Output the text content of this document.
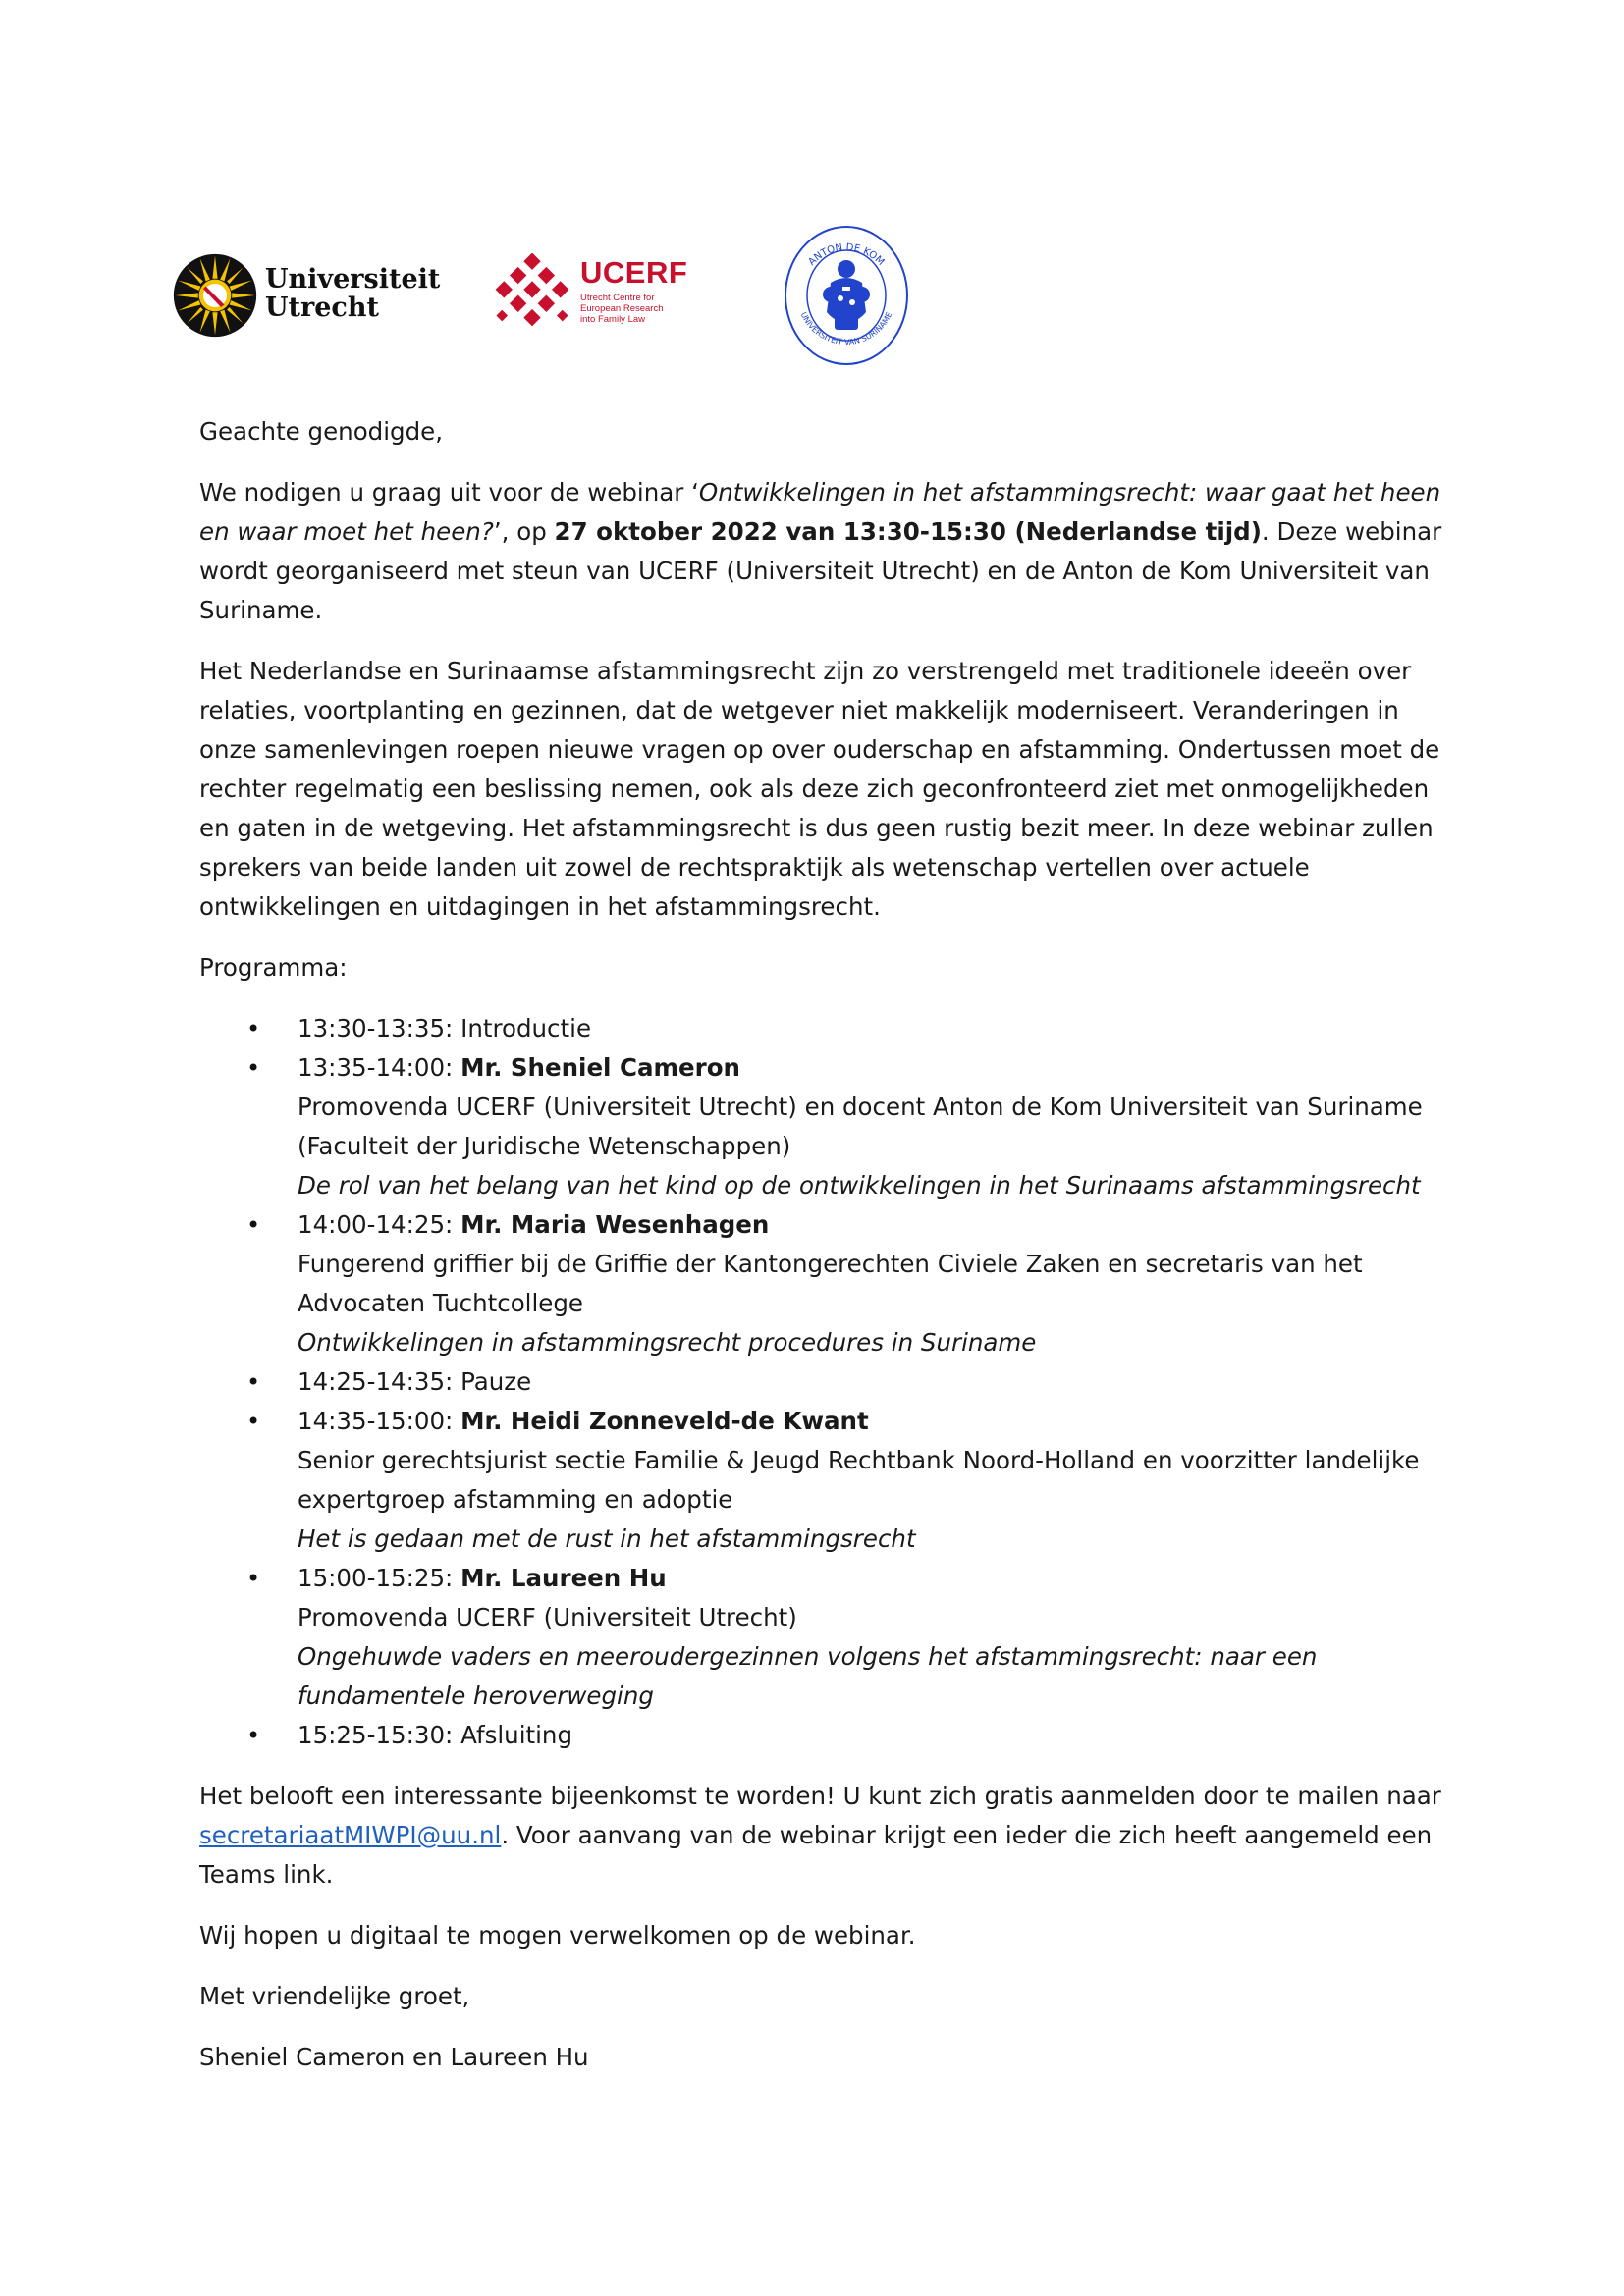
Universiteit
Utrecht
UCERF
Utrecht Centre for
European Research
into Family Law
ANTON DE KOM
UNIVERSITEIT VAN SURINAME

Geachte genodigde,

We nodigen u graag uit voor de webinar ‘Ontwikkelingen in het afstammingsrecht: waar gaat het heen en waar moet het heen?’, op 27 oktober 2022 van 13:30-15:30 (Nederlandse tijd). Deze webinar wordt georganiseerd met steun van UCERF (Universiteit Utrecht) en de Anton de Kom Universiteit van Suriname.

Het Nederlandse en Surinaamse afstammingsrecht zijn zo verstrengeld met traditionele ideeën over relaties, voortplanting en gezinnen, dat de wetgever niet makkelijk moderniseert. Veranderingen in onze samenlevingen roepen nieuwe vragen op over ouderschap en afstamming. Ondertussen moet de rechter regelmatig een beslissing nemen, ook als deze zich geconfronteerd ziet met onmogelijkheden en gaten in de wetgeving. Het afstammingsrecht is dus geen rustig bezit meer. In deze webinar zullen sprekers van beide landen uit zowel de rechtspraktijk als wetenschap vertellen over actuele ontwikkelingen en uitdagingen in het afstammingsrecht.

Programma:

• 13:30-13:35: Introductie
• 13:35-14:00: Mr. Sheniel Cameron
Promovenda UCERF (Universiteit Utrecht) en docent Anton de Kom Universiteit van Suriname (Faculteit der Juridische Wetenschappen)
De rol van het belang van het kind op de ontwikkelingen in het Surinaams afstammingsrecht
• 14:00-14:25: Mr. Maria Wesenhagen
Fungerend griffier bij de Griffie der Kantongerechten Civiele Zaken en secretaris van het Advocaten Tuchtcollege
Ontwikkelingen in afstammingsrecht procedures in Suriname
• 14:25-14:35: Pauze
• 14:35-15:00: Mr. Heidi Zonneveld-de Kwant
Senior gerechtsjurist sectie Familie & Jeugd Rechtbank Noord-Holland en voorzitter landelijke expertgroep afstamming en adoptie
Het is gedaan met de rust in het afstammingsrecht
• 15:00-15:25: Mr. Laureen Hu
Promovenda UCERF (Universiteit Utrecht)
Ongehuwde vaders en meeroudergezinnen volgens het afstammingsrecht: naar een fundamentele heroverweging
• 15:25-15:30: Afsluiting

Het belooft een interessante bijeenkomst te worden! U kunt zich gratis aanmelden door te mailen naar secretariaatMIWPI@uu.nl. Voor aanvang van de webinar krijgt een ieder die zich heeft aangemeld een Teams link.

Wij hopen u digitaal te mogen verwelkomen op de webinar.

Met vriendelijke groet,

Sheniel Cameron en Laureen Hu
